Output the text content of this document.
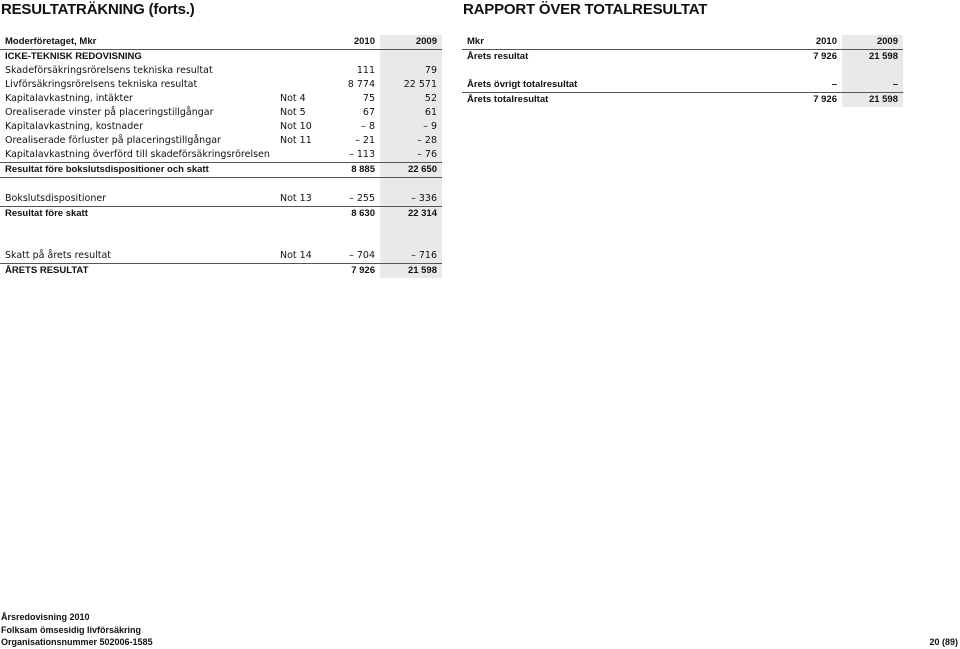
RESULTATRÄKNING (forts.)	RAPPORT ÖVER TOTALRESULTAT
Moderföretaget, Mkr		2010	2009
ICKE-TEKNISK REDOVISNING			
Skadeförsäkringsrörelsens tekniska resultat		111	79
Livförsäkringsrörelsens tekniska resultat		8 774	22 571
Kapitalavkastning, intäkter	Not 4	75	52
Orealiserade vinster på placeringstillgångar	Not 5	67	61
Kapitalavkastning, kostnader	Not 10	– 8	– 9
Orealiserade förluster på placeringstillgångar	Not 11	– 21	– 28
Kapitalavkastning överförd till skadeförsäkringsrörelsen		– 113	– 76
Resultat före bokslutsdispositioner och skatt		8 885	22 650

Bokslutsdispositioner	Not 13	– 255	– 336
Resultat före skatt		8 630	22 314

Skatt på årets resultat	Not 14	– 704	– 716
ÅRETS RESULTAT		7 926	21 598
Mkr	2010	2009
Årets resultat	7 926	21 598

Årets övrigt totalresultat	–	–
Årets totalresultat	7 926	21 598
Årsredovisning 2010
Folksam ömsesidig livförsäkring
Organisationsnummer 502006-1585	20 (89)
